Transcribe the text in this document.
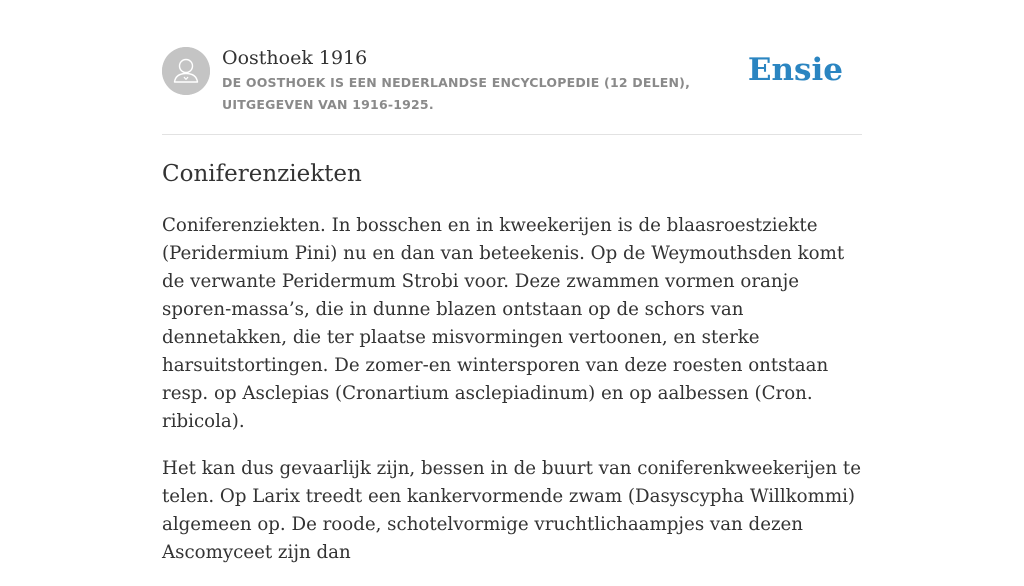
Oosthoek 1916
DE OOSTHOEK IS EEN NEDERLANDSE ENCYCLOPEDIE (12 DELEN), UITGEGEVEN VAN 1916-1925.
Ensie
Coniferenziekten

Coniferenziekten. In bosschen en in kweekerijen is de blaasroestziekte (Peridermium Pini) nu en dan van beteekenis. Op de Weymouthsden komt de verwante Peridermum Strobi voor. Deze zwammen vormen oranje sporen-massa’s, die in dunne blazen ontstaan op de schors van dennetakken, die ter plaatse misvormingen vertoonen, en sterke harsuitstortingen. De zomer-en wintersporen van deze roesten ontstaan resp. op Asclepias (Cronartium asclepiadinum) en op aalbessen (Cron. ribicola).

Het kan dus gevaarlijk zijn, bessen in de buurt van coniferenkweekerijen te telen. Op Larix treedt een kankervormende zwam (Dasyscypha Willkommi) algemeen op. De roode, schotelvormige vruchtlichaampjes van dezen Ascomyceet zijn dan
